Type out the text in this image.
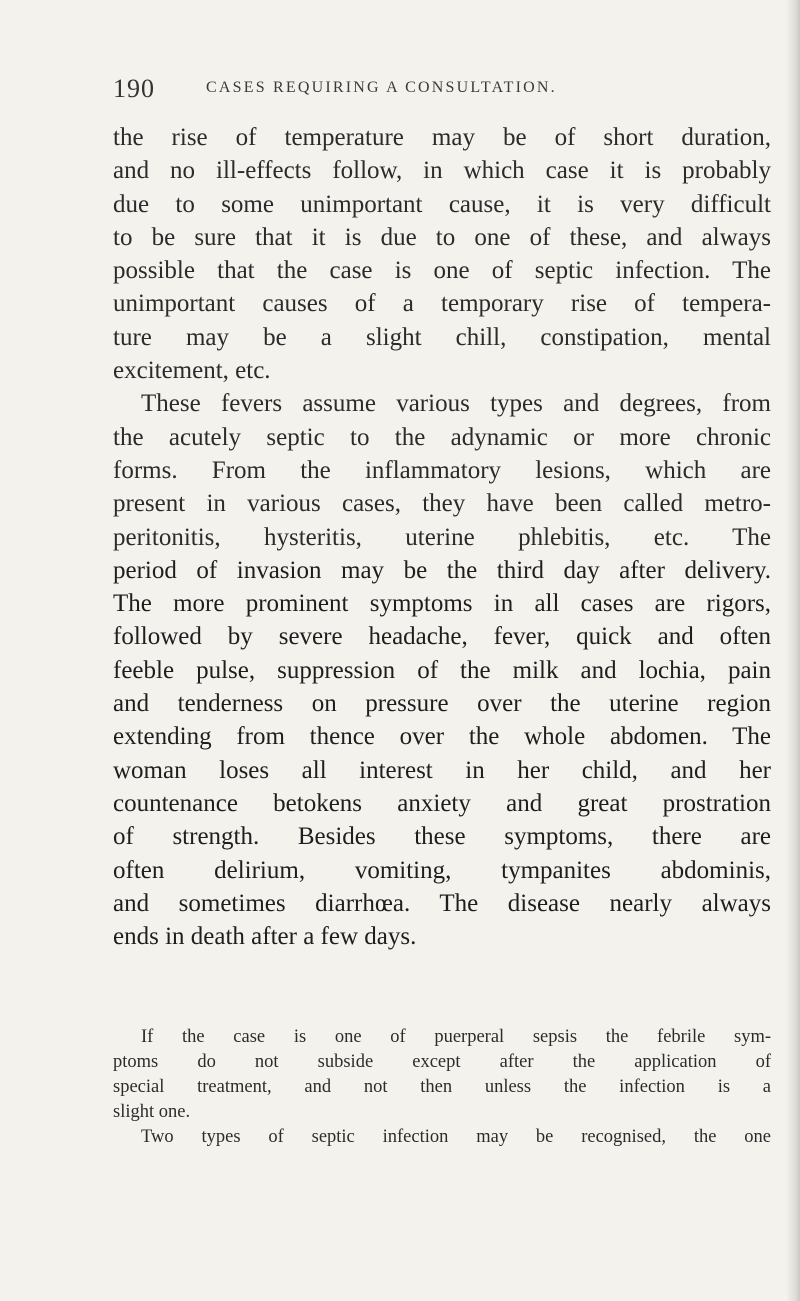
190	CASES REQUIRING A CONSULTATION.
the rise of temperature may be of short duration,
and no ill-effects follow, in which case it is probably
due to some unimportant cause, it is very difficult
to be sure that it is due to one of these, and always
possible that the case is one of septic infection. The
unimportant causes of a temporary rise of tempera-
ture may be a slight chill, constipation, mental
excitement, etc.
These fevers assume various types and degrees, from
the acutely septic to the adynamic or more chronic
forms. From the inflammatory lesions, which are
present in various cases, they have been called metro-
peritonitis, hysteritis, uterine phlebitis, etc. The
period of invasion may be the third day after delivery.
The more prominent symptoms in all cases are rigors,
followed by severe headache, fever, quick and often
feeble pulse, suppression of the milk and lochia, pain
and tenderness on pressure over the uterine region
extending from thence over the whole abdomen. The
woman loses all interest in her child, and her
countenance betokens anxiety and great prostration
of strength. Besides these symptoms, there are
often delirium, vomiting, tympanites abdominis,
and sometimes diarrhœa. The disease nearly always
ends in death after a few days.
If the case is one of puerperal sepsis the febrile sym-
ptoms do not subside except after the application of
special treatment, and not then unless the infection is a
slight one.
Two types of septic infection may be recognised, the one
